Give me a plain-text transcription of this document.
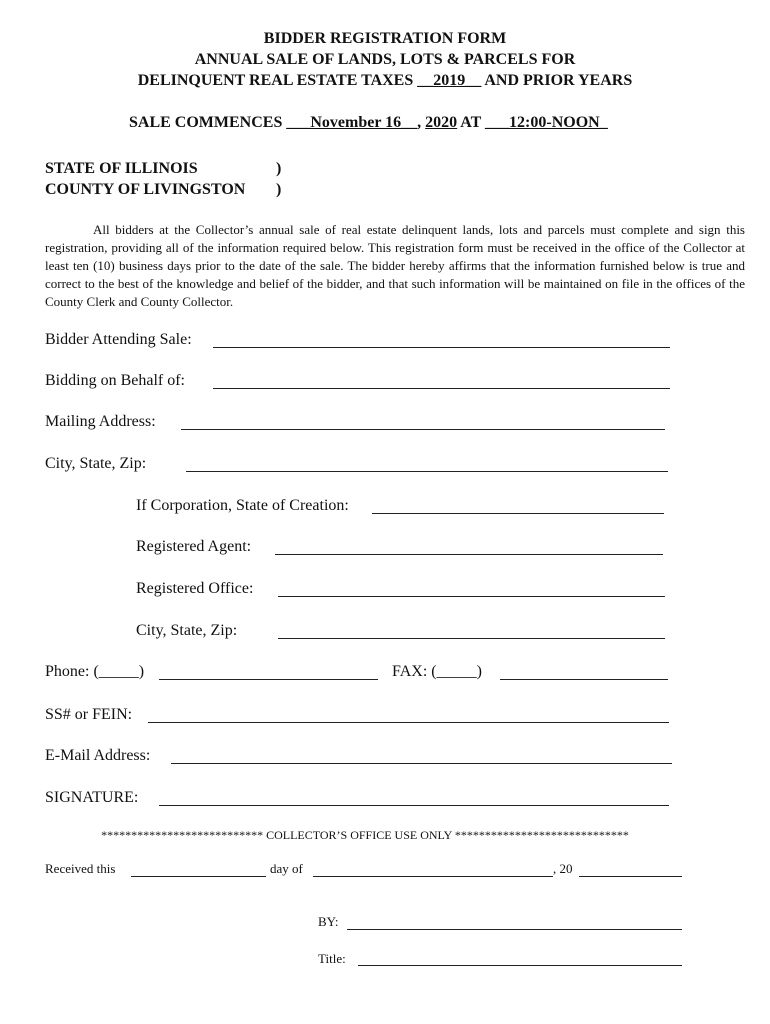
BIDDER REGISTRATION FORM
ANNUAL SALE OF LANDS, LOTS & PARCELS FOR
DELINQUENT REAL ESTATE TAXES __2019__ AND PRIOR YEARS
SALE COMMENCES ___November 16__, 2020 AT ___12:00-NOON_
STATE OF ILLINOIS	)
COUNTY OF LIVINGSTON )
All bidders at the Collector’s annual sale of real estate delinquent lands, lots and parcels must complete and sign this registration, providing all of the information required below. This registration form must be received in the office of the Collector at least ten (10) business days prior to the date of the sale. The bidder hereby affirms that the information furnished below is true and correct to the best of the knowledge and belief of the bidder, and that such information will be maintained on file in the offices of the County Clerk and County Collector.
Bidder Attending Sale:
Bidding on Behalf of:
Mailing Address:
City, State, Zip:
If Corporation, State of Creation:
Registered Agent:
Registered Office:
City, State, Zip:
Phone: (_____)	FAX: (_____)
SS# or FEIN:
E-Mail Address:
SIGNATURE:
*************************** COLLECTOR’S OFFICE USE ONLY *****************************
Received this	day of	, 20
BY:
Title:
